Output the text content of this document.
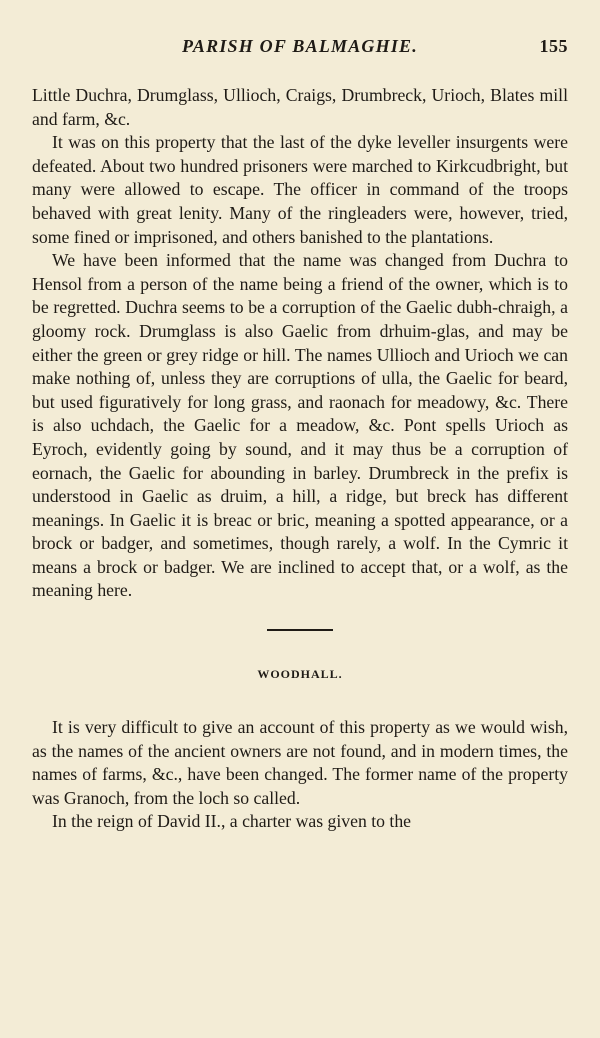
PARISH OF BALMAGHIE.	155

Little Duchra, Drumglass, Ullioch, Craigs, Drumbreck, Urioch, Blates mill and farm, &c.

It was on this property that the last of the dyke leveller insurgents were defeated. About two hundred prisoners were marched to Kirkcudbright, but many were allowed to escape. The officer in command of the troops behaved with great lenity. Many of the ringleaders were, however, tried, some fined or imprisoned, and others banished to the plantations.

We have been informed that the name was changed from Duchra to Hensol from a person of the name being a friend of the owner, which is to be regretted. Duchra seems to be a corruption of the Gaelic dubh-chraigh, a gloomy rock. Drumglass is also Gaelic from drhuim-glas, and may be either the green or grey ridge or hill. The names Ullioch and Urioch we can make nothing of, unless they are corruptions of ulla, the Gaelic for beard, but used figuratively for long grass, and raonach for meadowy, &c. There is also uchdach, the Gaelic for a meadow, &c. Pont spells Urioch as Eyroch, evidently going by sound, and it may thus be a corruption of eornach, the Gaelic for abounding in barley. Drumbreck in the prefix is understood in Gaelic as druim, a hill, a ridge, but breck has different meanings. In Gaelic it is breac or bric, meaning a spotted appearance, or a brock or badger, and sometimes, though rarely, a wolf. In the Cymric it means a brock or badger. We are inclined to accept that, or a wolf, as the meaning here.

WOODHALL.

It is very difficult to give an account of this property as we would wish, as the names of the ancient owners are not found, and in modern times, the names of farms, &c., have been changed. The former name of the property was Granoch, from the loch so called.

In the reign of David II., a charter was given to the
